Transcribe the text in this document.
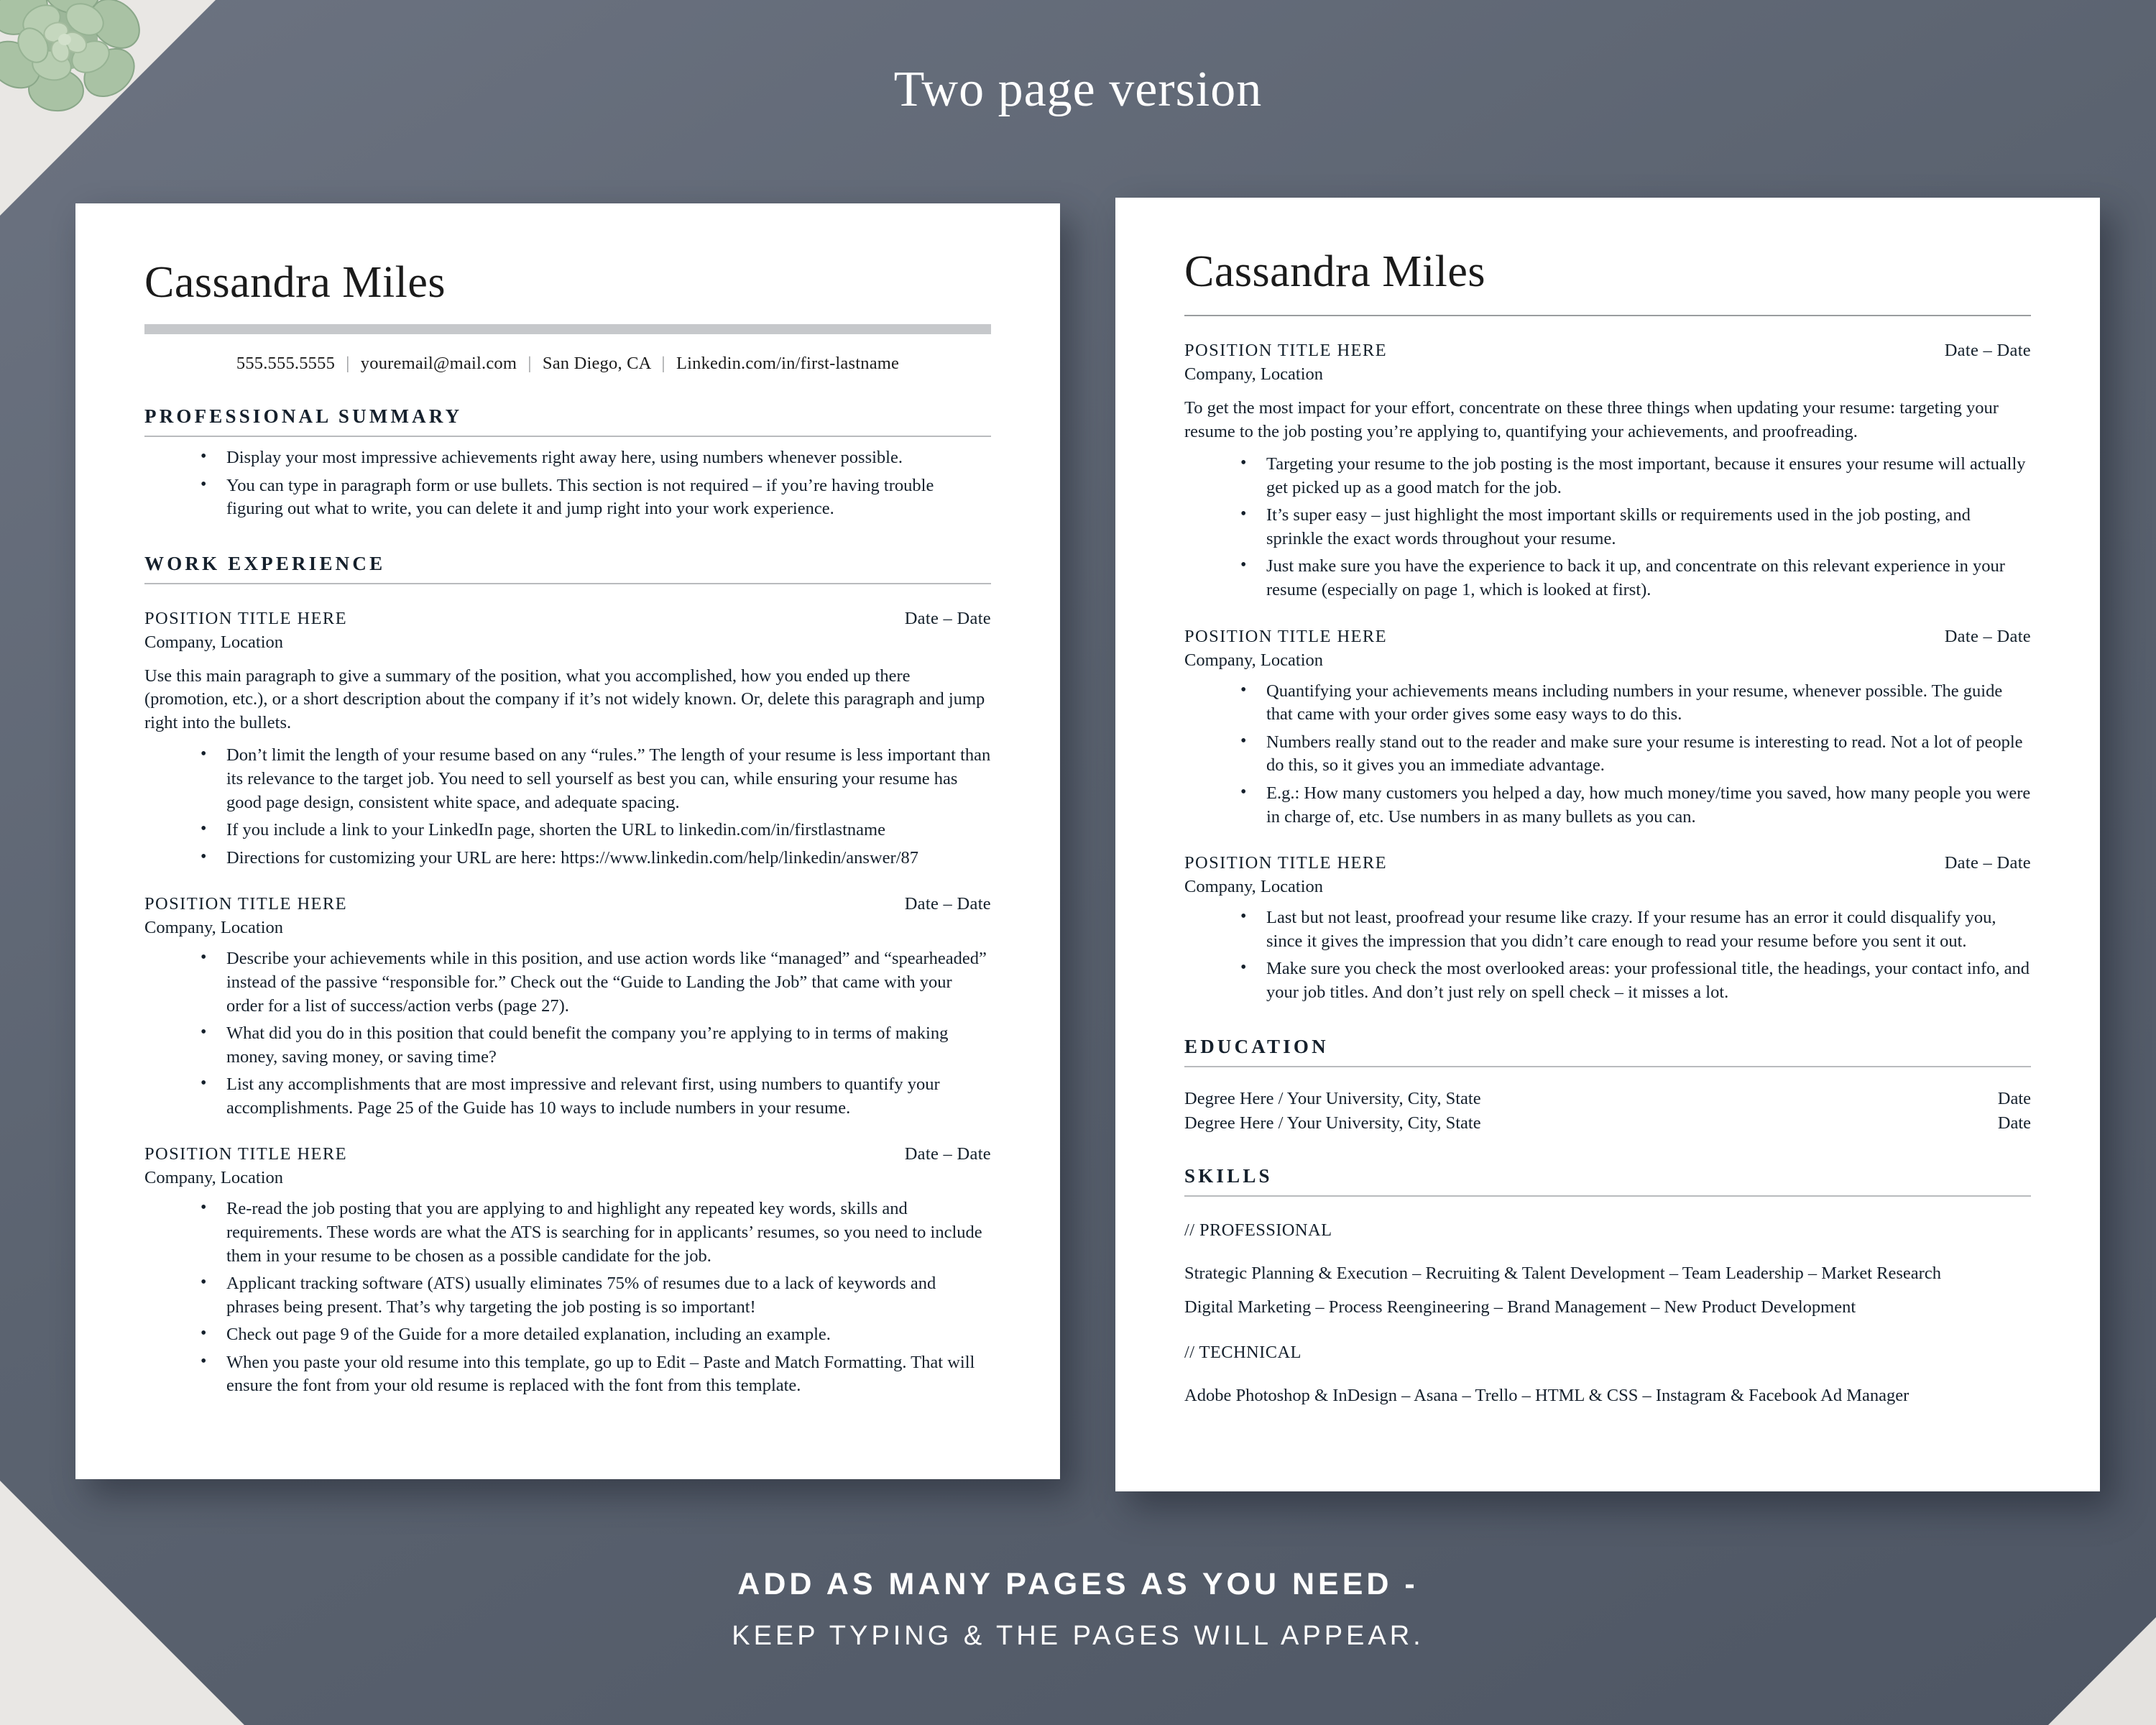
Two page version
Cassandra Miles
555.555.5555 | youremail@mail.com | San Diego, CA | Linkedin.com/in/first-lastname
PROFESSIONAL SUMMARY
• Display your most impressive achievements right away here, using numbers whenever possible.
• You can type in paragraph form or use bullets. This section is not required – if you’re having trouble figuring out what to write, you can delete it and jump right into your work experience.
WORK EXPERIENCE
POSITION TITLE HERE	Date – Date
Company, Location
Use this main paragraph to give a summary of the position, what you accomplished, how you ended up there (promotion, etc.), or a short description about the company if it’s not widely known. Or, delete this paragraph and jump right into the bullets.
• Don’t limit the length of your resume based on any “rules.” The length of your resume is less important than its relevance to the target job. You need to sell yourself as best you can, while ensuring your resume has good page design, consistent white space, and adequate spacing.
• If you include a link to your LinkedIn page, shorten the URL to linkedin.com/in/firstlastname
• Directions for customizing your URL are here: https://www.linkedin.com/help/linkedin/answer/87
POSITION TITLE HERE	Date – Date
Company, Location
• Describe your achievements while in this position, and use action words like “managed” and “spearheaded” instead of the passive “responsible for.” Check out the “Guide to Landing the Job” that came with your order for a list of success/action verbs (page 27).
• What did you do in this position that could benefit the company you’re applying to in terms of making money, saving money, or saving time?
• List any accomplishments that are most impressive and relevant first, using numbers to quantify your accomplishments. Page 25 of the Guide has 10 ways to include numbers in your resume.
POSITION TITLE HERE	Date – Date
Company, Location
• Re-read the job posting that you are applying to and highlight any repeated key words, skills and requirements. These words are what the ATS is searching for in applicants’ resumes, so you need to include them in your resume to be chosen as a possible candidate for the job.
• Applicant tracking software (ATS) usually eliminates 75% of resumes due to a lack of keywords and phrases being present. That’s why targeting the job posting is so important!
• Check out page 9 of the Guide for a more detailed explanation, including an example.
• When you paste your old resume into this template, go up to Edit – Paste and Match Formatting. That will ensure the font from your old resume is replaced with the font from this template.
Cassandra Miles
POSITION TITLE HERE	Date – Date
Company, Location
To get the most impact for your effort, concentrate on these three things when updating your resume: targeting your resume to the job posting you’re applying to, quantifying your achievements, and proofreading.
• Targeting your resume to the job posting is the most important, because it ensures your resume will actually get picked up as a good match for the job.
• It’s super easy – just highlight the most important skills or requirements used in the job posting, and sprinkle the exact words throughout your resume.
• Just make sure you have the experience to back it up, and concentrate on this relevant experience in your resume (especially on page 1, which is looked at first).
POSITION TITLE HERE	Date – Date
Company, Location
• Quantifying your achievements means including numbers in your resume, whenever possible. The guide that came with your order gives some easy ways to do this.
• Numbers really stand out to the reader and make sure your resume is interesting to read. Not a lot of people do this, so it gives you an immediate advantage.
• E.g.: How many customers you helped a day, how much money/time you saved, how many people you were in charge of, etc. Use numbers in as many bullets as you can.
POSITION TITLE HERE	Date – Date
Company, Location
• Last but not least, proofread your resume like crazy. If your resume has an error it could disqualify you, since it gives the impression that you didn’t care enough to read your resume before you sent it out.
• Make sure you check the most overlooked areas: your professional title, the headings, your contact info, and your job titles. And don’t just rely on spell check – it misses a lot.
EDUCATION
Degree Here / Your University, City, State	Date
Degree Here / Your University, City, State	Date
SKILLS
// PROFESSIONAL
Strategic Planning & Execution – Recruiting & Talent Development – Team Leadership – Market Research
Digital Marketing – Process Reengineering – Brand Management – New Product Development
// TECHNICAL
Adobe Photoshop & InDesign – Asana – Trello – HTML & CSS – Instagram & Facebook Ad Manager
ADD AS MANY PAGES AS YOU NEED -
KEEP TYPING & THE PAGES WILL APPEAR.
